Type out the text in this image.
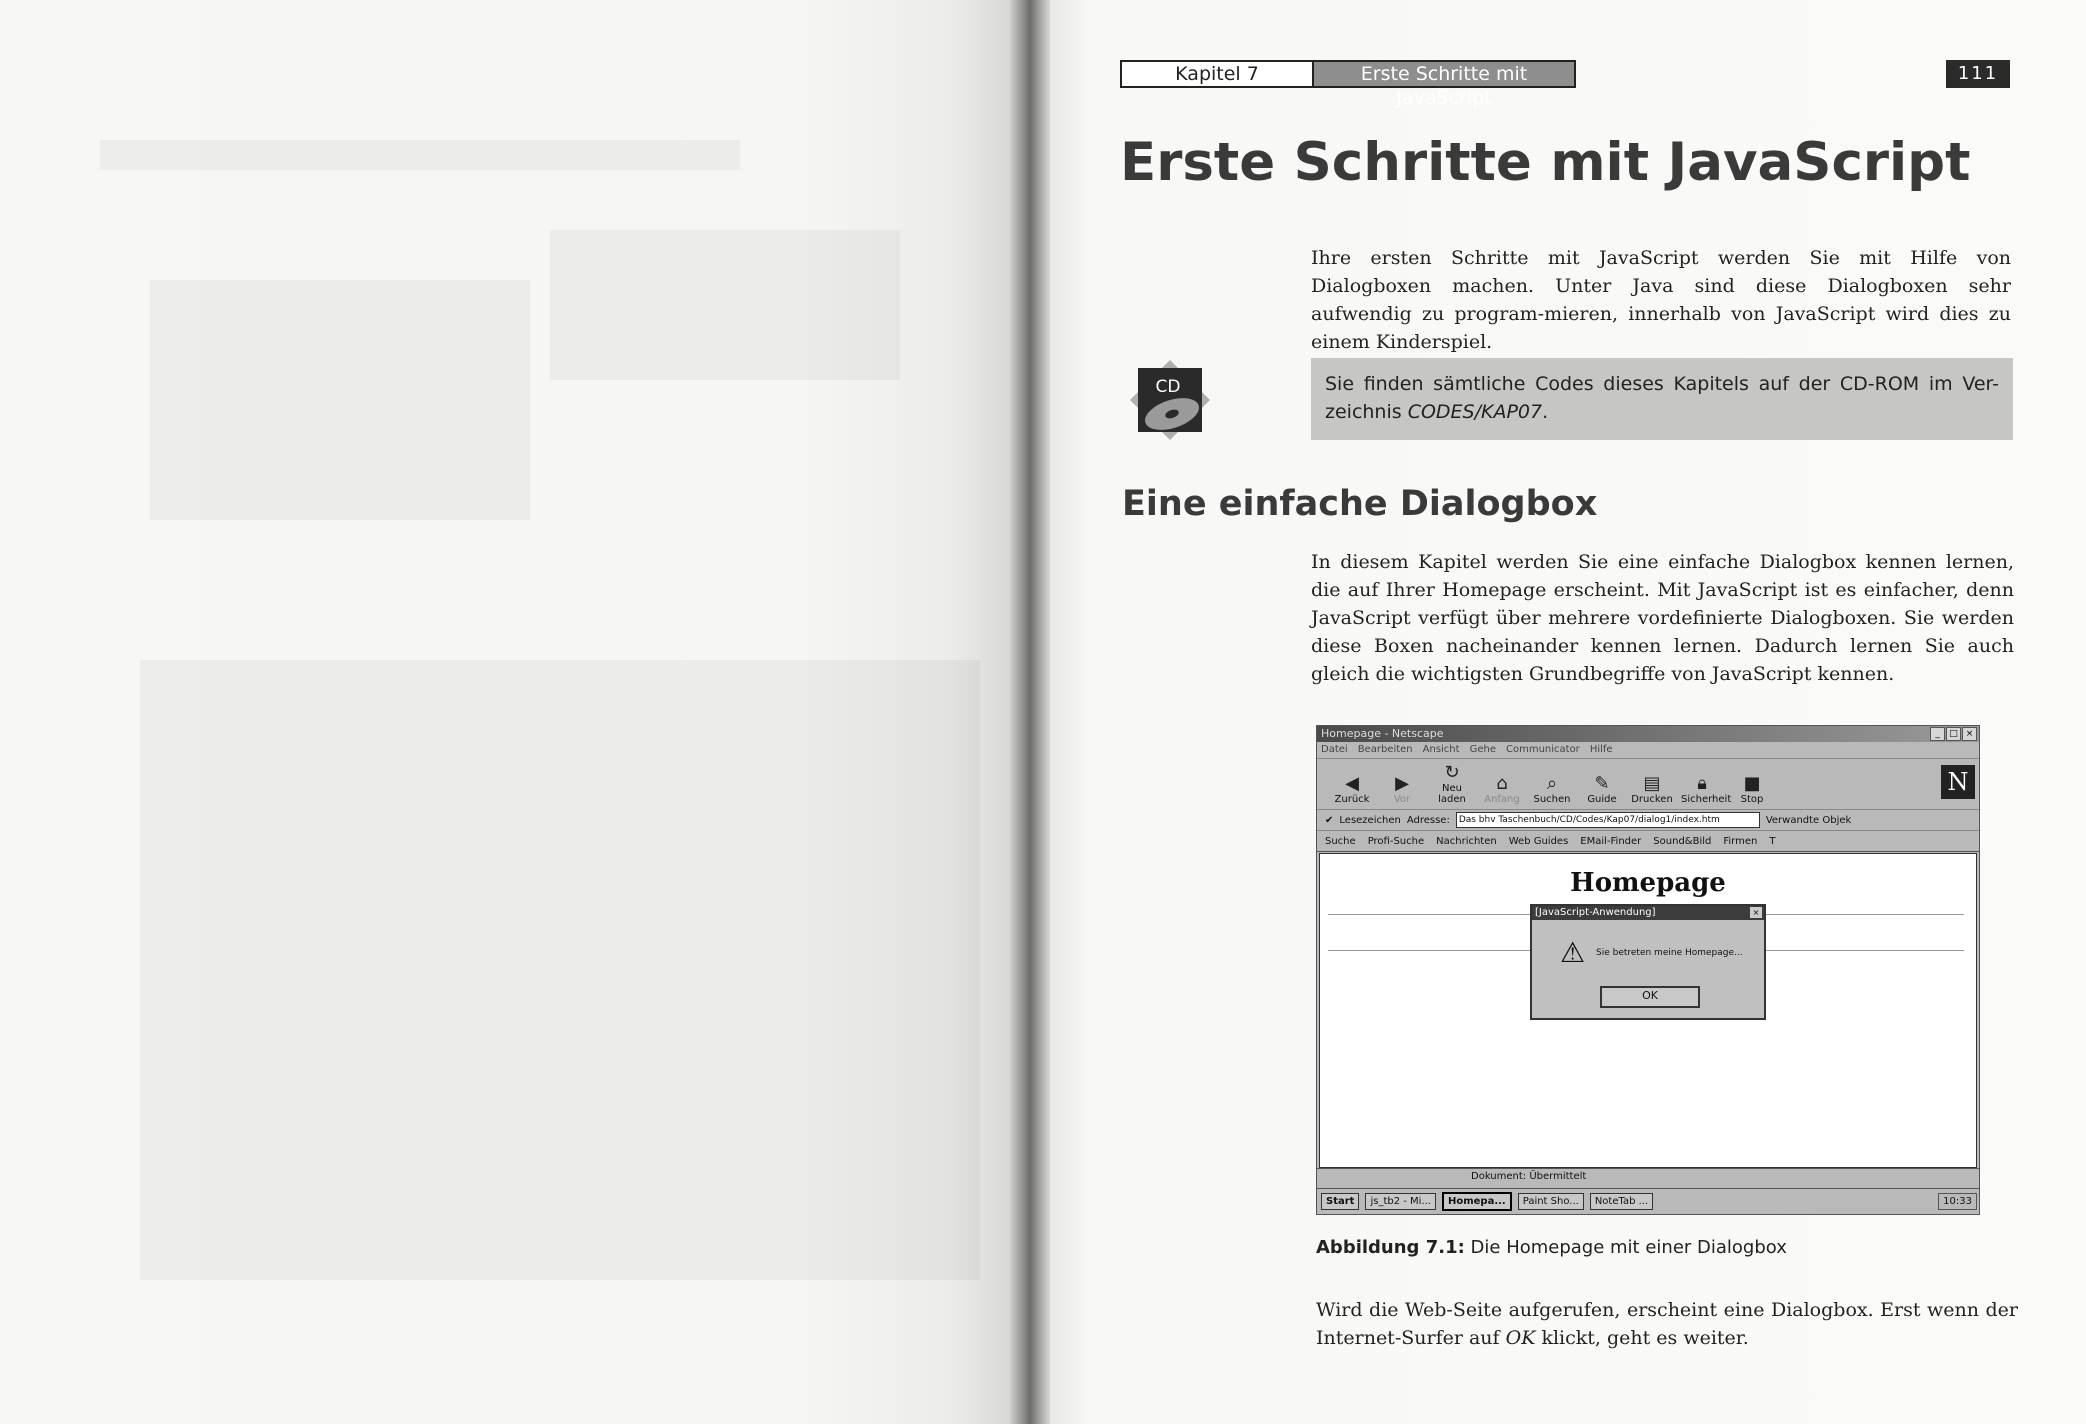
Kapitel 7	Erste Schritte mit JavaScript
111
Erste Schritte mit JavaScript

Ihre ersten Schritte mit JavaScript werden Sie mit Hilfe von Dialogboxen machen. Unter Java sind diese Dialogboxen sehr aufwendig zu program-mieren, innerhalb von JavaScript wird dies zu einem Kinderspiel.

CD	Sie finden sämtliche Codes dieses Kapitels auf der CD-ROM im Ver-zeichnis CODES/KAP07.
Eine einfache Dialogbox

In diesem Kapitel werden Sie eine einfache Dialogbox kennen lernen, die auf Ihrer Homepage erscheint. Mit JavaScript ist es einfacher, denn JavaScript verfügt über mehrere vordefinierte Dialogboxen. Sie werden diese Boxen nacheinander kennen lernen. Dadurch lernen Sie auch gleich die wichtigsten Grundbegriffe von JavaScript kennen.

Homepage - Netscape	_	□ ×
Datei Bearbeiten Ansicht Gehe Communicator Hilfe
◀
Zurück
▶
Vor
↻
Neu laden
⌂
Anfang
⌕
Suchen
✎
Guide
▤
Drucken
🔒︎
Sicherheit
■
Stop
N
✔ Lesezeichen Adresse:	Das bhv Taschenbuch/CD/Codes/Kap07/dialog1/index.htm	Verwandte Objek
Suche Profi-Suche Nachrichten Web Guides EMail-Finder Sound&Bild Firmen T
Homepage
[JavaScript-Anwendung]	×
⚠ Sie betreten meine Homepage...
OK
Dokument: Übermittelt
Start	js_tb2 - Mi...	Homepa...	Paint Sho...	NoteTab ...	10:33
Abbildung 7.1: Die Homepage mit einer Dialogbox

Wird die Web-Seite aufgerufen, erscheint eine Dialogbox. Erst wenn der Internet-Surfer auf OK klickt, geht es weiter.
